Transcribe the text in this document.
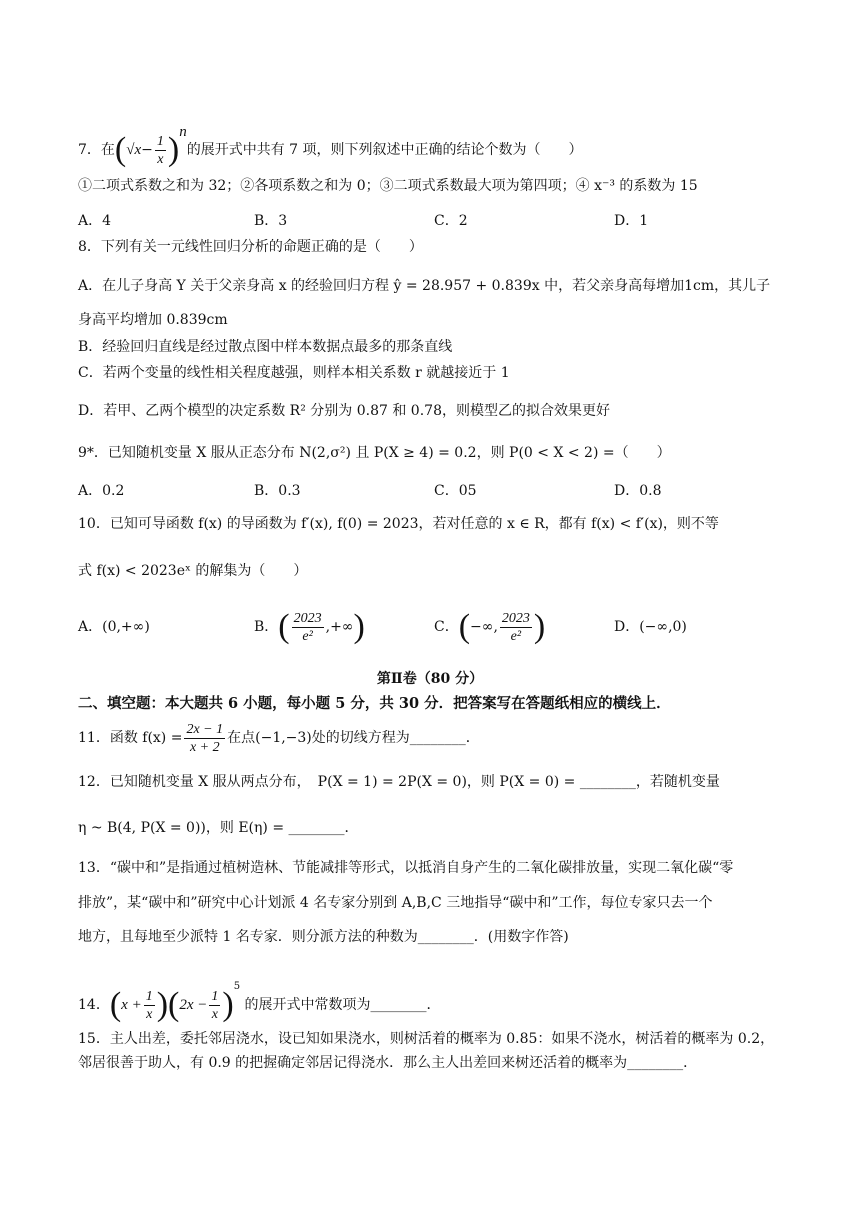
7．在$(√x- \frac{1}{x} )^n$的展开式中共有 7 项，则下列叙述中正确的结论个数为（　　）
①二项式系数之和为 32；②各项系数之和为 0；③二项式系数最大项为第四项；④ x⁻³ 的系数为 15
A．4	B．3	C．2	D．1
8．下列有关一元线性回归分析的命题正确的是（　　）
A．在儿子身高 Y 关于父亲身高 x 的经验回归方程 ŷ = 28.957 + 0.839x 中，若父亲身高每增加1cm，其儿子
身高平均增加 0.839cm
B．经验回归直线是经过散点图中样本数据点最多的那条直线
C．若两个变量的线性相关程度越强，则样本相关系数 r 就越接近于 1
D．若甲、乙两个模型的决定系数 R² 分别为 0.87 和 0.78，则模型乙的拟合效果更好
9*．已知随机变量 X 服从正态分布 N(2,σ²) 且 P(X ≥ 4) = 0.2，则 P(0 < X < 2) =（　　）
A．0.2	B．0.3	C．05	D．0.8
10．已知可导函数 f(x) 的导函数为 f′(x), f(0) = 2023，若对任意的 x ∈ R，都有 f(x) < f′(x)，则不等
式 f(x) < 2023eˣ 的解集为（　　）
A．(0,+∞)	B．( $\frac{2023}{\text{e²}}$ ,+∞)	C．(−∞, $\frac{2023}{\text{e²}}$ )	D．(−∞,0)
第Ⅱ卷（80 分）
二、填空题：本大题共 6 小题，每小题 5 分，共 30 分．把答案写在答题纸相应的横线上．
11．函数 $f(x) = \frac{2x - 1}{x + 2}$ 在点(−1,−3)处的切线方程为________．
12．已知随机变量 X 服从两点分布，　P(X = 1) = 2P(X = 0)，则 P(X = 0) = ________，若随机变量
η ~ B(4, P(X = 0))，则 E(η) = ________．
13．“碳中和”是指通过植树造林、节能减排等形式，以抵消自身产生的二氧化碳排放量，实现二氧化碳“零
排放”，某“碳中和”研究中心计划派 4 名专家分别到 A,B,C 三地指导“碳中和”工作，每位专家只去一个
地方，且每地至少派特 1 名专家．则分派方法的种数为________．(用数字作答)
14．$(x + \frac{1}{x} )(2x - \frac{1}{x} )^5$ 的展开式中常数项为________．
15．主人出差，委托邻居浇水，设已知如果浇水，则树活着的概率为 0.85：如果不浇水，树活着的概率为 0.2，
邻居很善于助人，有 0.9 的把握确定邻居记得浇水．那么主人出差回来树还活着的概率为________．
